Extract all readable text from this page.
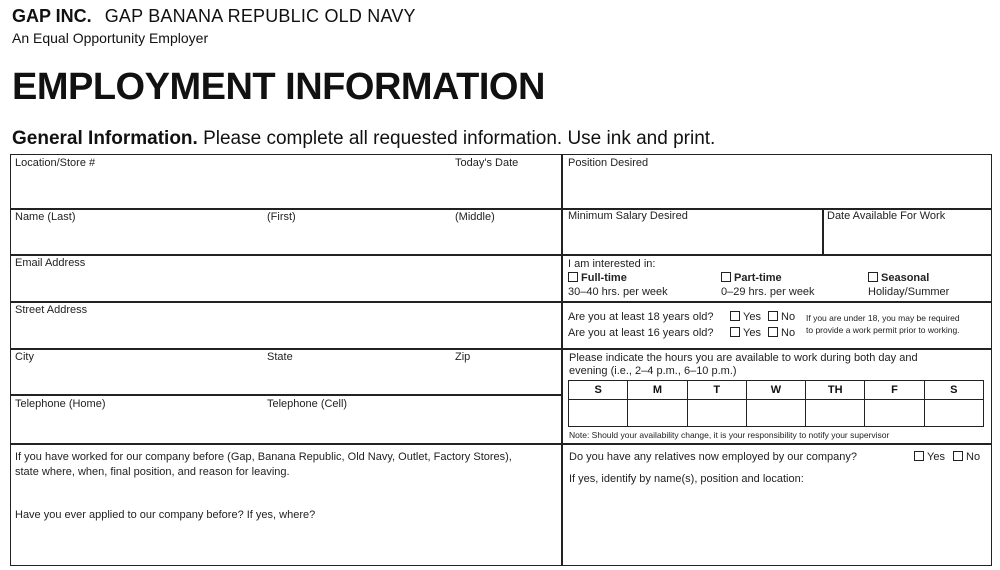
GAP INC. GAP BANANA REPUBLIC OLD NAVY
An Equal Opportunity Employer
EMPLOYMENT INFORMATION
General Information. Please complete all requested information. Use ink and print.
Location/Store #	Today's Date	Position Desired
Name (Last)	(First)	(Middle)	Minimum Salary Desired	Date Available For Work
Email Address	I am interested in:
Full-time
30–40 hrs. per week
Part-time
0–29 hrs. per week
Seasonal
Holiday/Summer
Street Address
Are you at least 18 years old?	Yes	No
Are you at least 16 years old?	Yes	No
If you are under 18, you may be required
to provide a work permit prior to working.
City	State	Zip
Telephone (Home)	Telephone (Cell)
Please indicate the hours you are available to work during both day and
evening (i.e., 2–4 p.m., 6–10 p.m.)
S	M	T	W	TH	F	S

Note: Should your availability change, it is your responsibility to notify your supervisor
If you have worked for our company before (Gap, Banana Republic, Old Navy, Outlet, Factory Stores),
state where, when, final position, and reason for leaving.
Have you ever applied to our company before? If yes, where?
Do you have any relatives now employed by our company?	Yes	No
If yes, identify by name(s), position and location:
